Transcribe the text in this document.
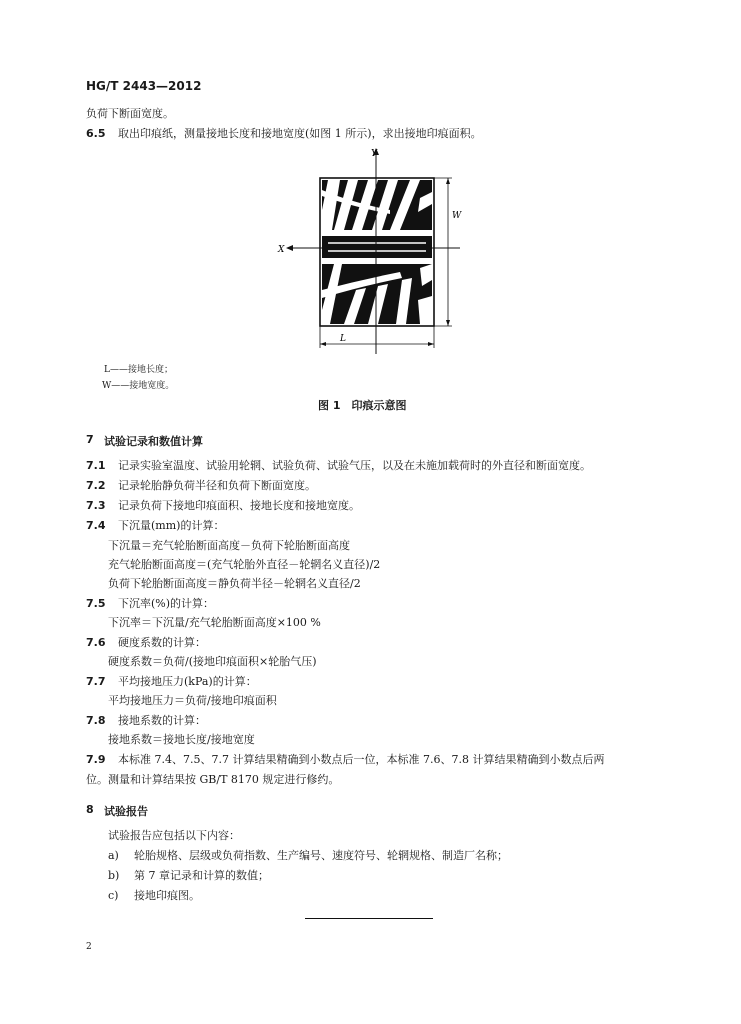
HG/T 2443—2012
负荷下断面宽度。
6.5 取出印痕纸，测量接地长度和接地宽度(如图 1 所示)，求出接地印痕面积。
Y
X
W
L
L——接地长度；
W——接地宽度。
图 1　印痕示意图
7 试验记录和数值计算
7.1 记录实验室温度、试验用轮辋、试验负荷、试验气压，以及在未施加载荷时的外直径和断面宽度。
7.2 记录轮胎静负荷半径和负荷下断面宽度。
7.3 记录负荷下接地印痕面积、接地长度和接地宽度。
7.4 下沉量(mm)的计算：
下沉量＝充气轮胎断面高度－负荷下轮胎断面高度
充气轮胎断面高度＝(充气轮胎外直径－轮辋名义直径)/2
负荷下轮胎断面高度＝静负荷半径－轮辋名义直径/2
7.5 下沉率(%)的计算：
下沉率＝下沉量/充气轮胎断面高度×100 %
7.6 硬度系数的计算：
硬度系数＝负荷/(接地印痕面积×轮胎气压)
7.7 平均接地压力(kPa)的计算：
平均接地压力＝负荷/接地印痕面积
7.8 接地系数的计算：
接地系数＝接地长度/接地宽度
7.9 本标准 7.4、7.5、7.7 计算结果精确到小数点后一位，本标准 7.6、7.8 计算结果精确到小数点后两
位。测量和计算结果按 GB/T 8170 规定进行修约。
8 试验报告
试验报告应包括以下内容：
a) 轮胎规格、层级或负荷指数、生产编号、速度符号、轮辋规格、制造厂名称；
b) 第 7 章记录和计算的数值；
c) 接地印痕图。
2
